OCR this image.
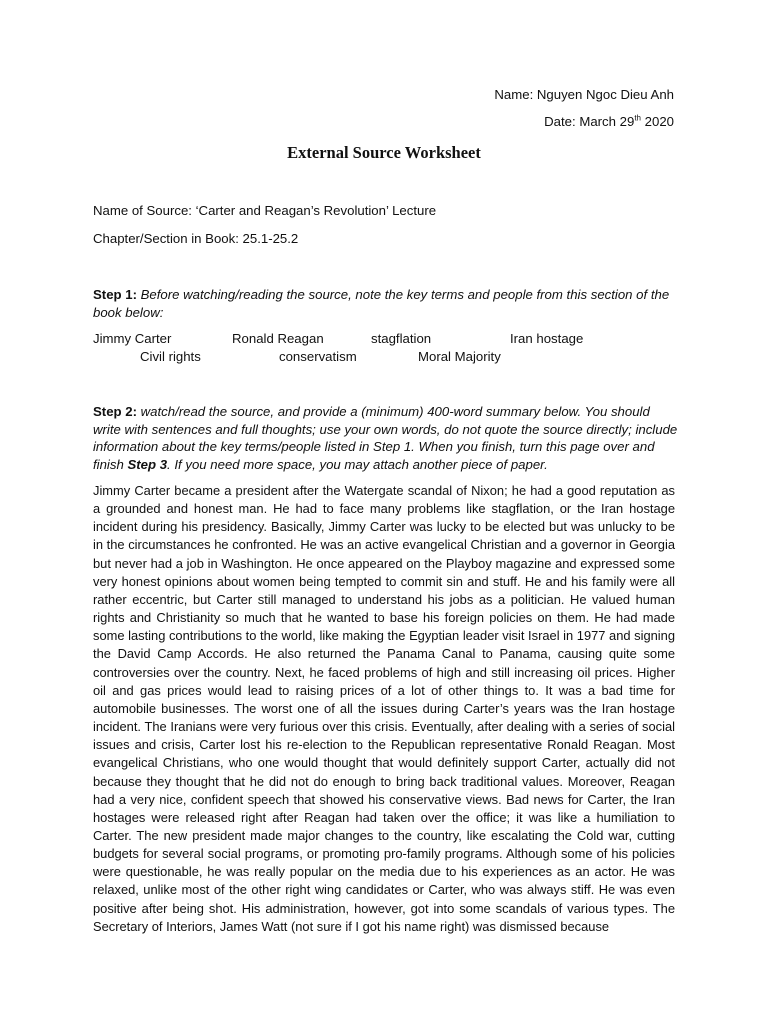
Name: Nguyen Ngoc Dieu Anh
Date: March 29th 2020
External Source Worksheet
Name of Source: ‘Carter and Reagan’s Revolution’ Lecture
Chapter/Section in Book: 25.1-25.2
Step 1: Before watching/reading the source, note the key terms and people from this section of the book below:
Jimmy Carter	Ronald Reagan	stagflation	Iran hostage
Civil rights	conservatism	Moral Majority
Step 2: watch/read the source, and provide a (minimum) 400-word summary below. You should write with sentences and full thoughts; use your own words, do not quote the source directly; include information about the key terms/people listed in Step 1. When you finish, turn this page over and finish Step 3. If you need more space, you may attach another piece of paper.
Jimmy Carter became a president after the Watergate scandal of Nixon; he had a good reputation as a grounded and honest man. He had to face many problems like stagflation, or the Iran hostage incident during his presidency. Basically, Jimmy Carter was lucky to be elected but was unlucky to be in the circumstances he confronted. He was an active evangelical Christian and a governor in Georgia but never had a job in Washington. He once appeared on the Playboy magazine and expressed some very honest opinions about women being tempted to commit sin and stuff. He and his family were all rather eccentric, but Carter still managed to understand his jobs as a politician. He valued human rights and Christianity so much that he wanted to base his foreign policies on them. He had made some lasting contributions to the world, like making the Egyptian leader visit Israel in 1977 and signing the David Camp Accords. He also returned the Panama Canal to Panama, causing quite some controversies over the country. Next, he faced problems of high and still increasing oil prices. Higher oil and gas prices would lead to raising prices of a lot of other things to. It was a bad time for automobile businesses. The worst one of all the issues during Carter’s years was the Iran hostage incident. The Iranians were very furious over this crisis. Eventually, after dealing with a series of social issues and crisis, Carter lost his re-election to the Republican representative Ronald Reagan. Most evangelical Christians, who one would thought that would definitely support Carter, actually did not because they thought that he did not do enough to bring back traditional values. Moreover, Reagan had a very nice, confident speech that showed his conservative views. Bad news for Carter, the Iran hostages were released right after Reagan had taken over the office; it was like a humiliation to Carter. The new president made major changes to the country, like escalating the Cold war, cutting budgets for several social programs, or promoting pro-family programs. Although some of his policies were questionable, he was really popular on the media due to his experiences as an actor. He was relaxed, unlike most of the other right wing candidates or Carter, who was always stiff. He was even positive after being shot. His administration, however, got into some scandals of various types. The Secretary of Interiors, James Watt (not sure if I got his name right) was dismissed because
